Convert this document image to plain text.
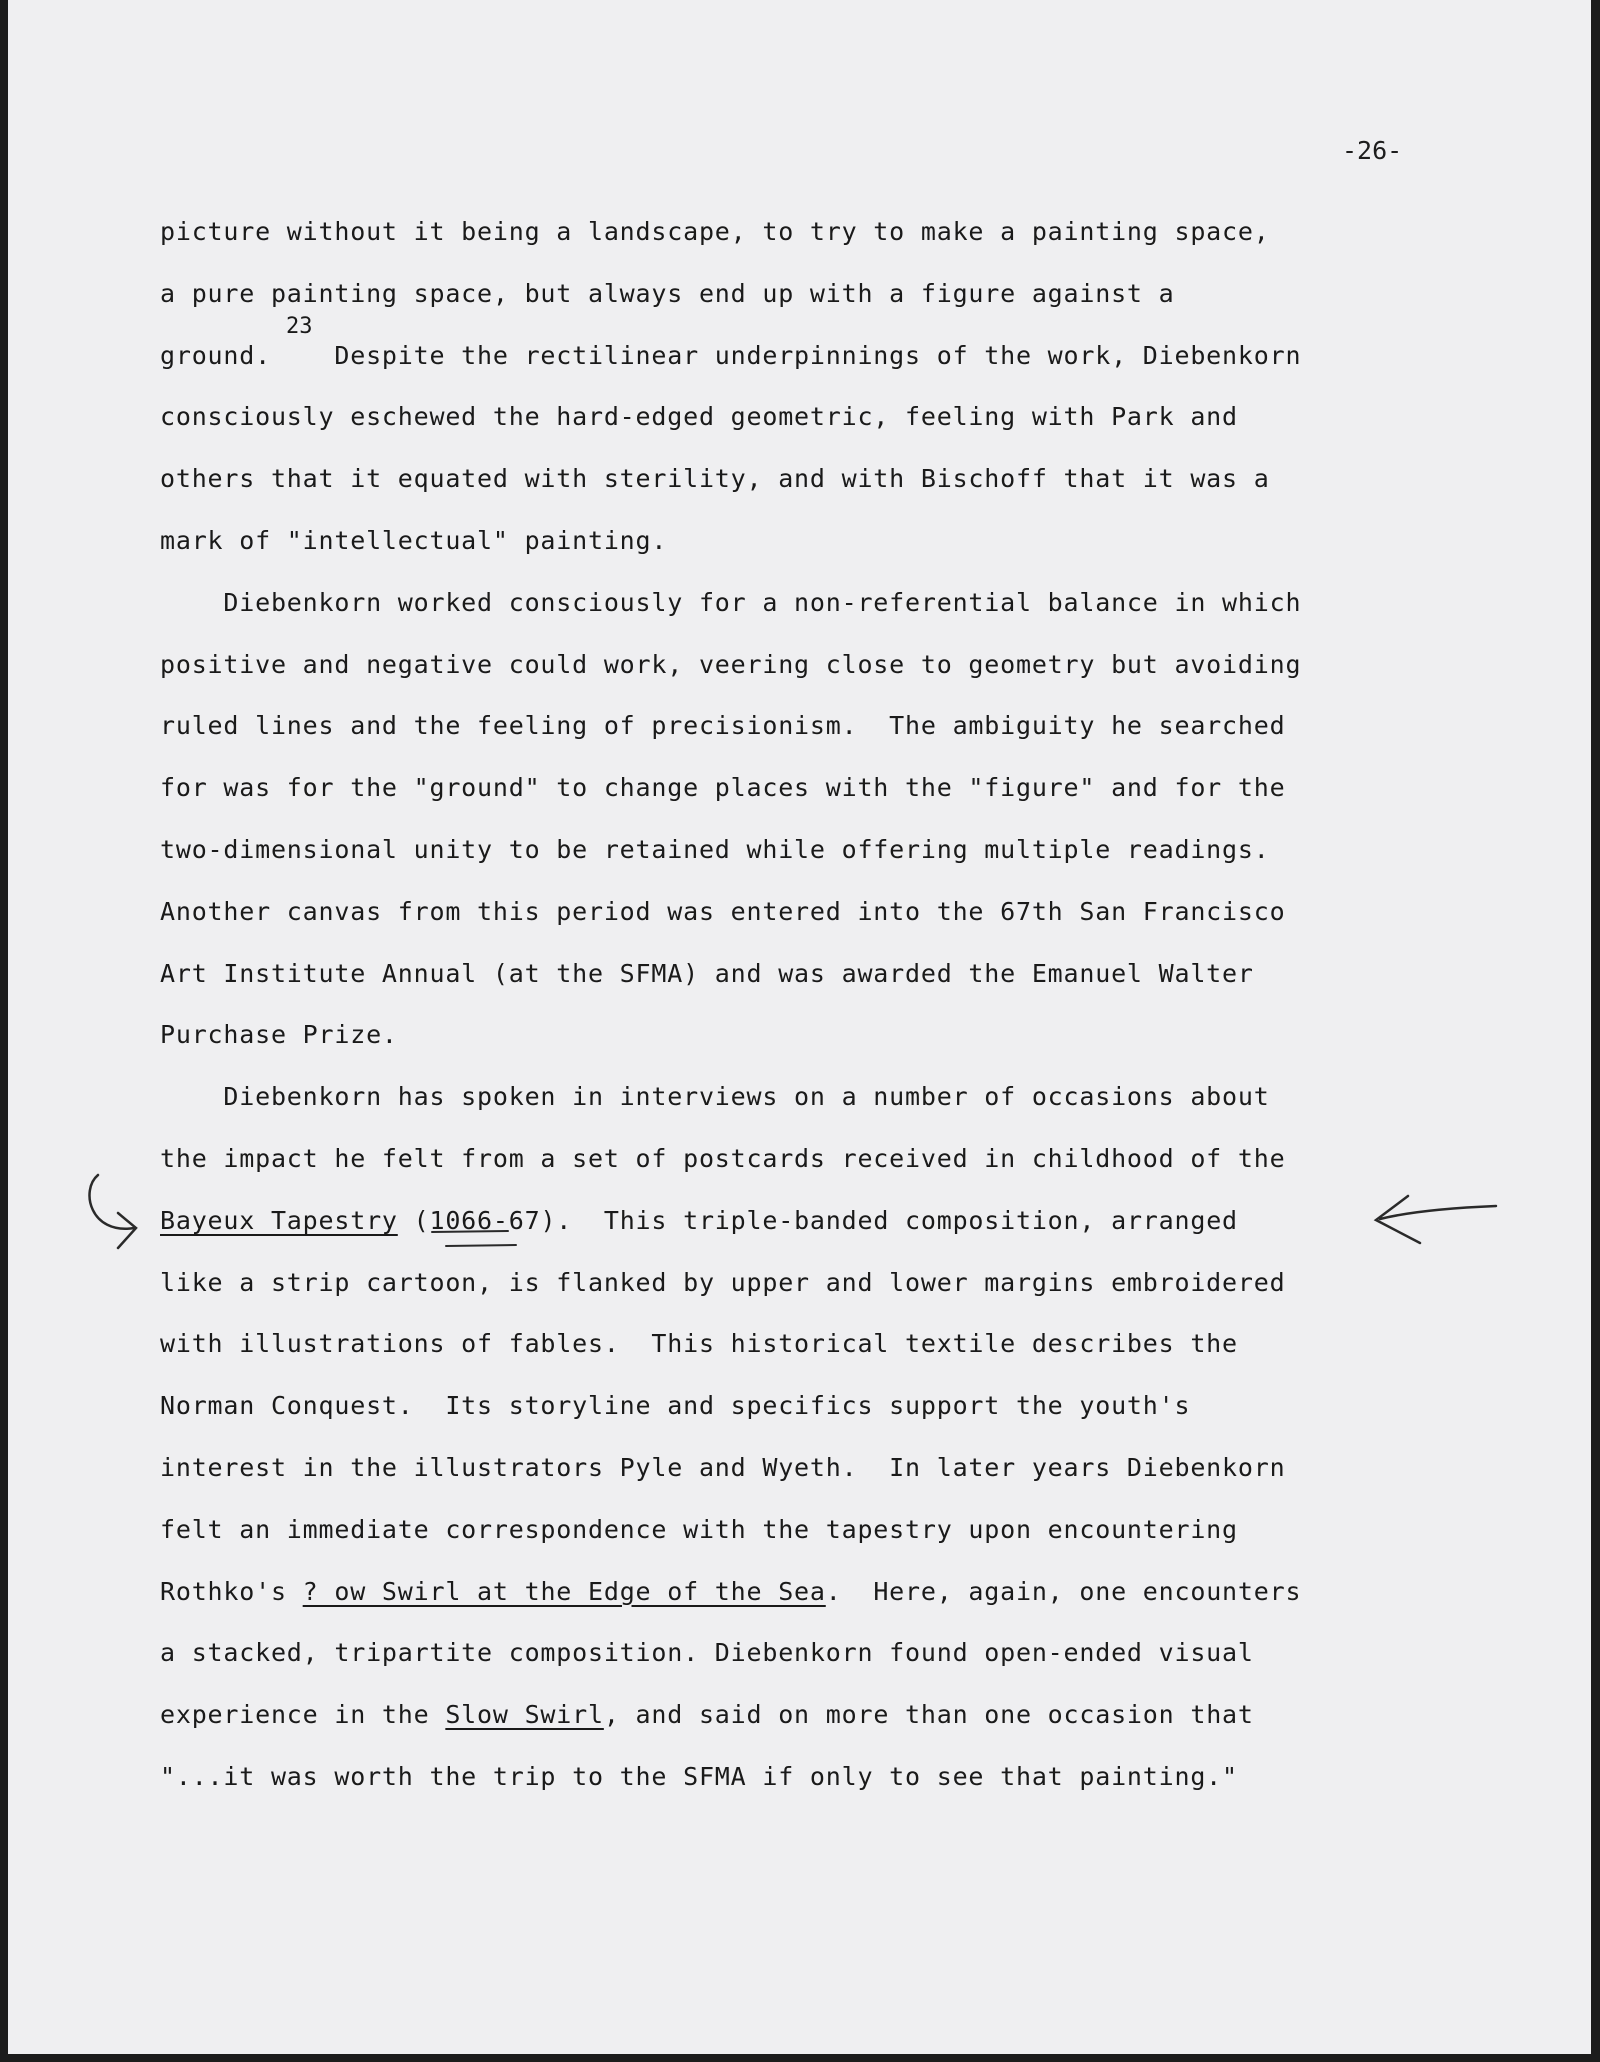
-26-
23
picture without it being a landscape, to try to make a painting space,
a pure painting space, but always end up with a figure against a
ground.    Despite the rectilinear underpinnings of the work, Diebenkorn
consciously eschewed the hard-edged geometric, feeling with Park and
others that it equated with sterility, and with Bischoff that it was a
mark of "intellectual" painting.
Diebenkorn worked consciously for a non-referential balance in which
positive and negative could work, veering close to geometry but avoiding
ruled lines and the feeling of precisionism.  The ambiguity he searched
for was for the "ground" to change places with the "figure" and for the
two-dimensional unity to be retained while offering multiple readings.
Another canvas from this period was entered into the 67th San Francisco
Art Institute Annual (at the SFMA) and was awarded the Emanuel Walter
Purchase Prize.
Diebenkorn has spoken in interviews on a number of occasions about
the impact he felt from a set of postcards received in childhood of the
Bayeux Tapestry (1066-67).  This triple-banded composition, arranged
like a strip cartoon, is flanked by upper and lower margins embroidered
with illustrations of fables.  This historical textile describes the
Norman Conquest.  Its storyline and specifics support the youth's
interest in the illustrators Pyle and Wyeth.  In later years Diebenkorn
felt an immediate correspondence with the tapestry upon encountering
Rothko's ? ow Swirl at the Edge of the Sea.  Here, again, one encounters
a stacked, tripartite composition. Diebenkorn found open-ended visual
experience in the Slow Swirl, and said on more than one occasion that
"...it was worth the trip to the SFMA if only to see that painting."
